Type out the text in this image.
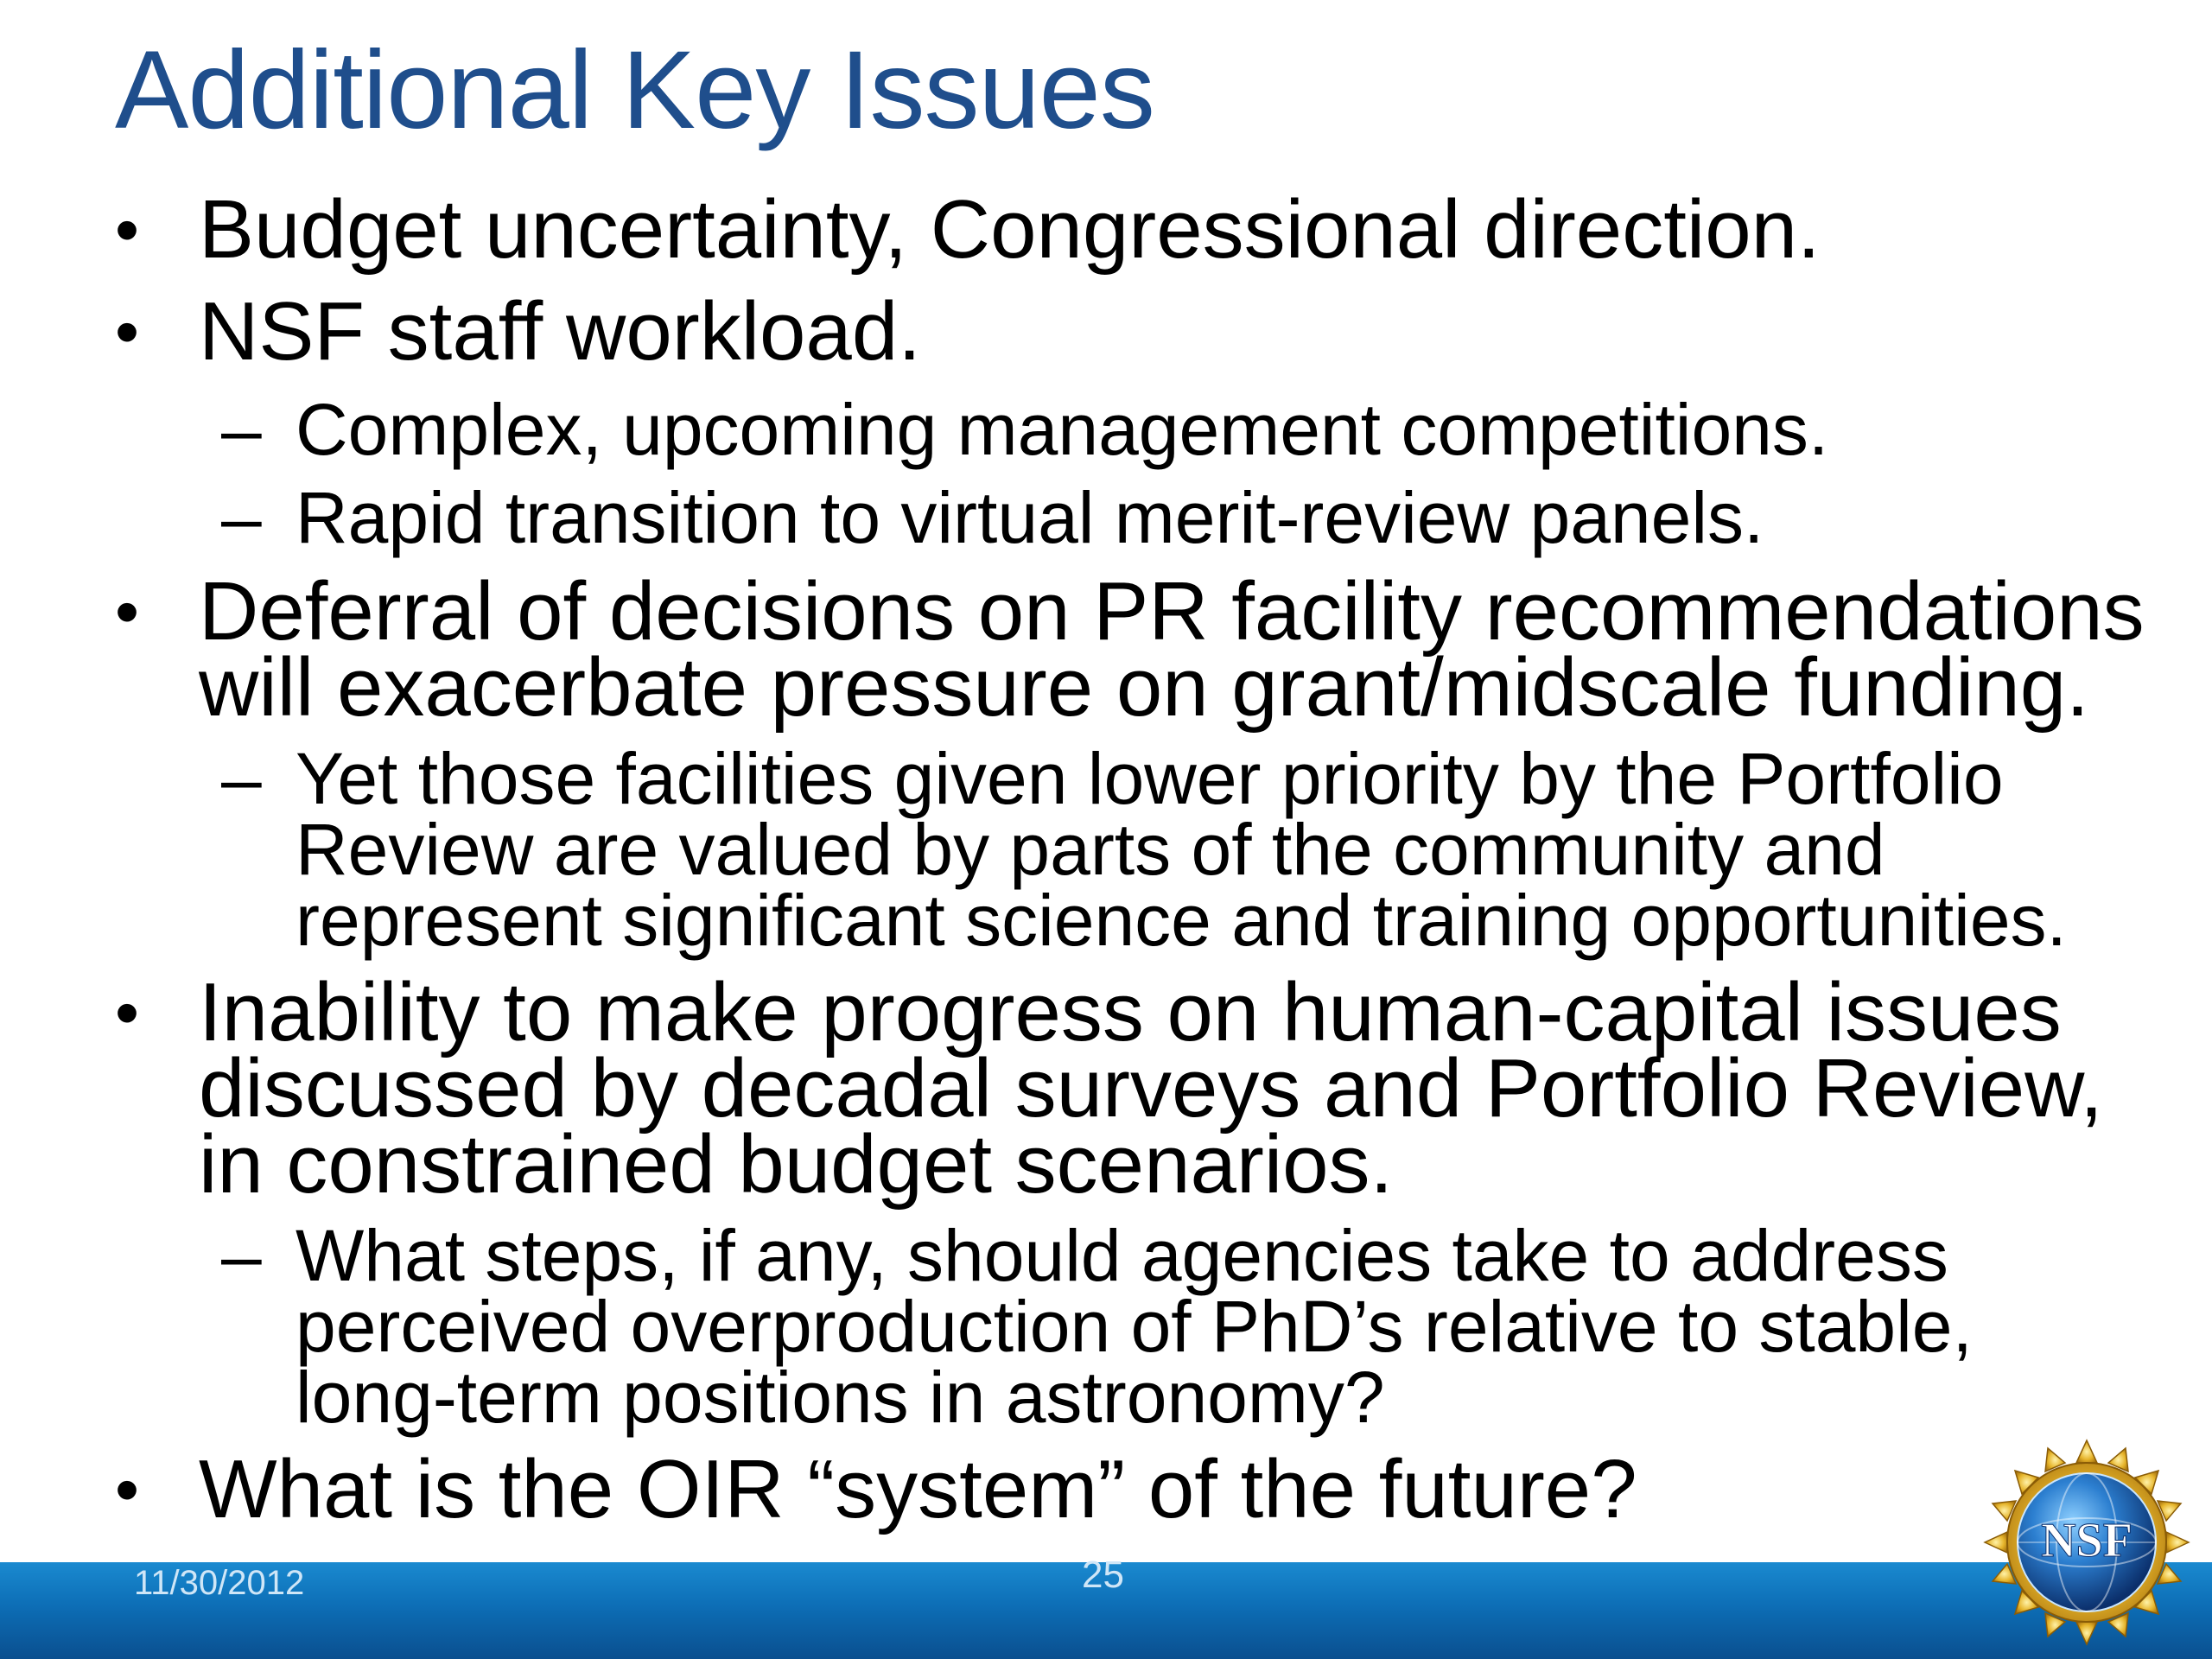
Additional Key Issues
• Budget uncertainty, Congressional direction.
• NSF staff workload.
– Complex, upcoming management competitions.
– Rapid transition to virtual merit-review panels.
• Deferral of decisions on PR facility recommendations
will exacerbate pressure on grant/midscale funding.
– Yet those facilities given lower priority by the Portfolio
Review are valued by parts of the community and
represent significant science and training opportunities.
• Inability to make progress on human-capital issues
discussed by decadal surveys and Portfolio Review,
in constrained budget scenarios.
– What steps, if any, should agencies take to address
perceived overproduction of PhD’s relative to stable,
long-term positions in astronomy?
• What is the OIR “system” of the future?
11/30/2012	25
NSF
